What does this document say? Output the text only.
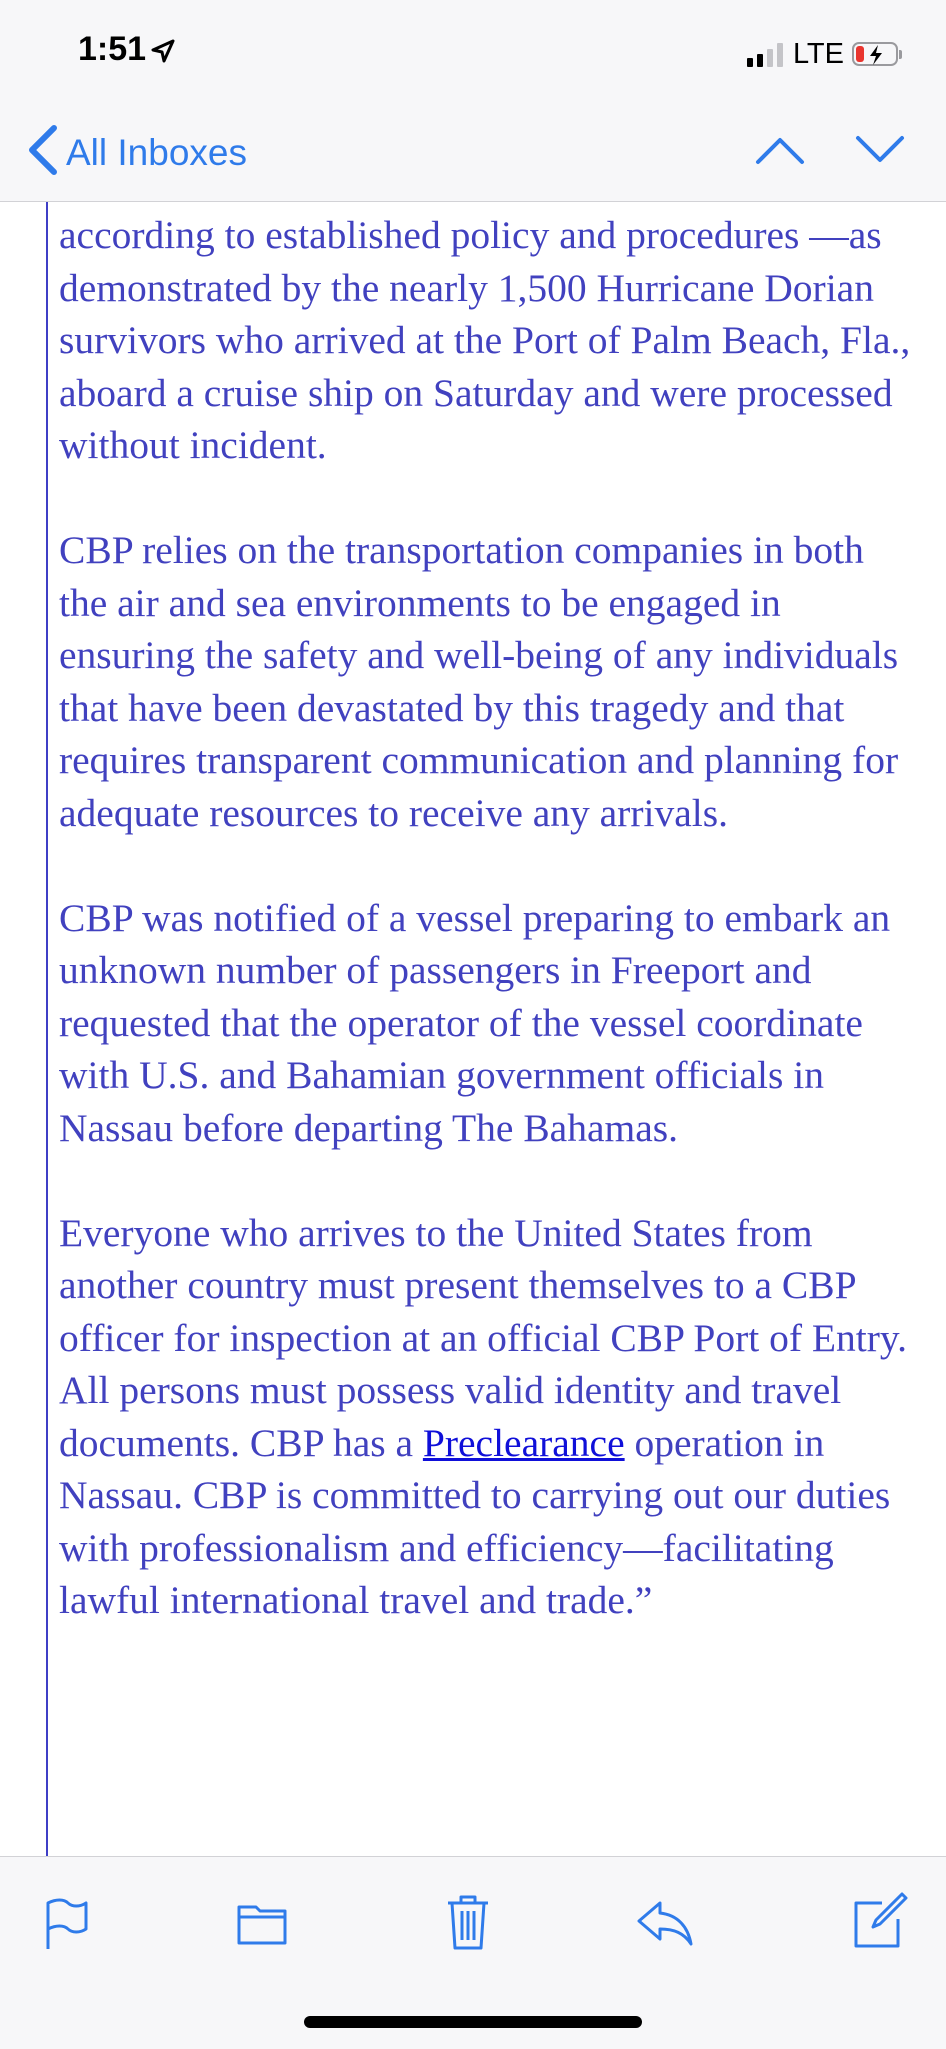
1:51	LTE
All Inboxes

according to established policy and procedures —as demonstrated by the nearly 1,500 Hurricane Dorian survivors who arrived at the Port of Palm Beach, Fla., aboard a cruise ship on Saturday and were processed without incident.

CBP relies on the transportation companies in both the air and sea environments to be engaged in ensuring the safety and well-being of any individuals that have been devastated by this tragedy and that requires transparent communication and planning for adequate resources to receive any arrivals.

CBP was notified of a vessel preparing to embark an unknown number of passengers in Freeport and requested that the operator of the vessel coordinate with U.S. and Bahamian government officials in Nassau before departing The Bahamas.

Everyone who arrives to the United States from another country must present themselves to a CBP officer for inspection at an official CBP Port of Entry. All persons must possess valid identity and travel documents. CBP has a Preclearance operation in Nassau. CBP is committed to carrying out our duties with professionalism and efficiency—facilitating lawful international travel and trade.”
